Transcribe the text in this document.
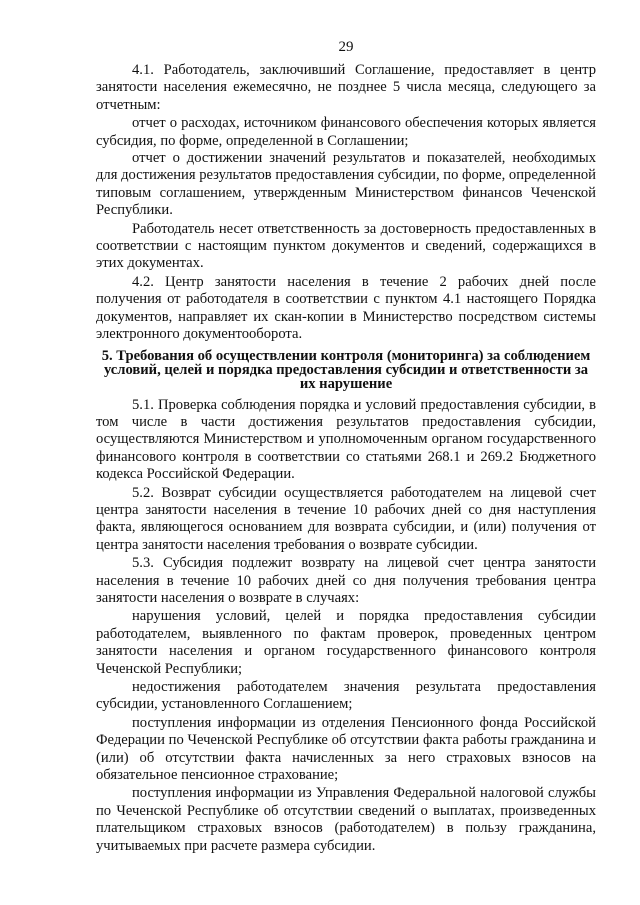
29

4.1. Работодатель, заключивший Соглашение, предоставляет в центр занятости населения ежемесячно, не позднее 5 числа месяца, следующего за отчетным:

отчет о расходах, источником финансового обеспечения которых является субсидия, по форме, определенной в Соглашении;

отчет о достижении значений результатов и показателей, необходимых для достижения результатов предоставления субсидии, по форме, определенной типовым соглашением, утвержденным Министерством финансов Чеченской Республики.

Работодатель несет ответственность за достоверность предоставленных в соответствии с настоящим пунктом документов и сведений, содержащихся в этих документах.

4.2. Центр занятости населения в течение 2 рабочих дней после получения от работодателя в соответствии с пунктом 4.1 настоящего Порядка документов, направляет их скан-копии в Министерство посредством системы электронного документооборота.

5. Требования об осуществлении контроля (мониторинга) за соблюдением условий, целей и порядка предоставления субсидии и ответственности за их нарушение

5.1. Проверка соблюдения порядка и условий предоставления субсидии, в том числе в части достижения результатов предоставления субсидии, осуществляются Министерством и уполномоченным органом государственного финансового контроля в соответствии со статьями 268.1 и 269.2 Бюджетного кодекса Российской Федерации.

5.2. Возврат субсидии осуществляется работодателем на лицевой счет центра занятости населения в течение 10 рабочих дней со дня наступления факта, являющегося основанием для возврата субсидии, и (или) получения от центра занятости населения требования о возврате субсидии.

5.3. Субсидия подлежит возврату на лицевой счет центра занятости населения в течение 10 рабочих дней со дня получения требования центра занятости населения о возврате в случаях:

нарушения условий, целей и порядка предоставления субсидии работодателем, выявленного по фактам проверок, проведенных центром занятости населения и органом государственного финансового контроля Чеченской Республики;

недостижения работодателем значения результата предоставления субсидии, установленного Соглашением;

поступления информации из отделения Пенсионного фонда Российской Федерации по Чеченской Республике об отсутствии факта работы гражданина и (или) об отсутствии факта начисленных за него страховых взносов на обязательное пенсионное страхование;

поступления информации из Управления Федеральной налоговой службы по Чеченской Республике об отсутствии сведений о выплатах, произведенных плательщиком страховых взносов (работодателем) в пользу гражданина, учитываемых при расчете размера субсидии.
